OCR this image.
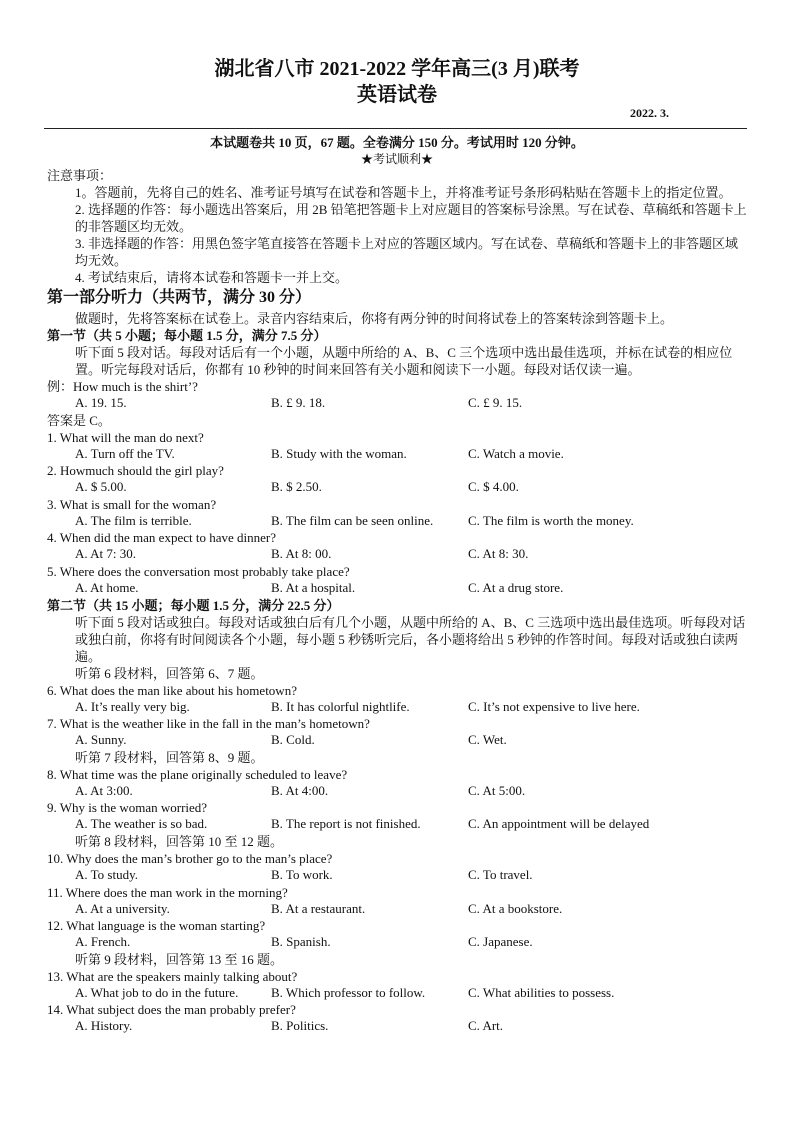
湖北省八市 2021-2022 学年高三(3 月)联考
英语试卷
2022. 3.
本试题卷共 10 页，67 题。全卷满分 150 分。考试用时 120 分钟。
★考试顺利★
注意事项：
1。答题前，先将自己的姓名、准考证号填写在试卷和答题卡上，并将准考证号条形码粘贴在答题卡上的指定位置。
2. 选择题的作答：每小题选出答案后，用 2B 铅笔把答题卡上对应题目的答案标号涂黑。写在试卷、草稿纸和答题卡上的非答题区均无效。
3. 非选择题的作答：用黑色签字笔直接答在答题卡上对应的答题区域内。写在试卷、草稿纸和答题卡上的非答题区域均无效。
4. 考试结束后，请将本试卷和答题卡一并上交。
第一部分听力（共两节，满分 30 分）
做题时，先将答案标在试卷上。录音内容结束后，你将有两分钟的时间将试卷上的答案转涂到答题卡上。
第一节（共 5 小题；每小题 1.5 分，满分 7.5 分）
听下面 5 段对话。每段对话后有一个小题，从题中所给的 A、B、C 三个选项中选出最佳选项，并标在试卷的相应位置。听完每段对话后，你都有 10 秒钟的时间来回答有关小题和阅读下一小题。每段对话仅读一遍。
例：How much is the shirt’?
A. 19. 15.	B. £ 9. 18.	C. £ 9. 15.
答案是 C。
1. What will the man do next?
A. Turn off the TV.	B. Study with the woman.	C. Watch a movie.
2. Howmuch should the girl play?
A. $ 5.00.	B. $ 2.50.	C. $ 4.00.
3. What is small for the woman?
A. The film is terrible.	B. The film can be seen online.	C. The film is worth the money.
4. When did the man expect to have dinner?
A. At 7: 30.	B. At 8: 00.	C. At 8: 30.
5. Where does the conversation most probably take place?
A. At home.	B. At a hospital.	C. At a drug store.
第二节（共 15 小题；每小题 1.5 分，满分 22.5 分）
听下面 5 段对话或独白。每段对话或独白后有几个小题，从题中所给的 A、B、C 三选项中选出最佳选项。听每段对话或独白前，你将有时间阅读各个小题，每小题 5 秒锈听完后，各小题将给出 5 秒钟的作答时间。每段对话或独白读两遍。
听第 6 段材料，回答第 6、7 题。
6. What does the man like about his hometown?
A. It’s really very big.	B. It has colorful nightlife.	C. It’s not expensive to live here.
7. What is the weather like in the fall in the man’s hometown?
A. Sunny.	B. Cold.	C. Wet.
听第 7 段材料，回答第 8、9 题。
8. What time was the plane originally scheduled to leave?
A. At 3:00.	B. At 4:00.	C. At 5:00.
9. Why is the woman worried?
A. The weather is so bad.	B. The report is not finished.	C. An appointment will be delayed
听第 8 段材料，回答第 10 至 12 题。
10. Why does the man’s brother go to the man’s place?
A. To study.	B. To work.	C. To travel.
11. Where does the man work in the morning?
A. At a university.	B. At a restaurant.	C. At a bookstore.
12. What language is the woman starting?
A. French.	B. Spanish.	C. Japanese.
听第 9 段材料，回答第 13 至 16 题。
13. What are the speakers mainly talking about?
A. What job to do in the future.	B. Which professor to follow.	C. What abilities to possess.
14. What subject does the man probably prefer?
A. History.	B. Politics.	C. Art.
